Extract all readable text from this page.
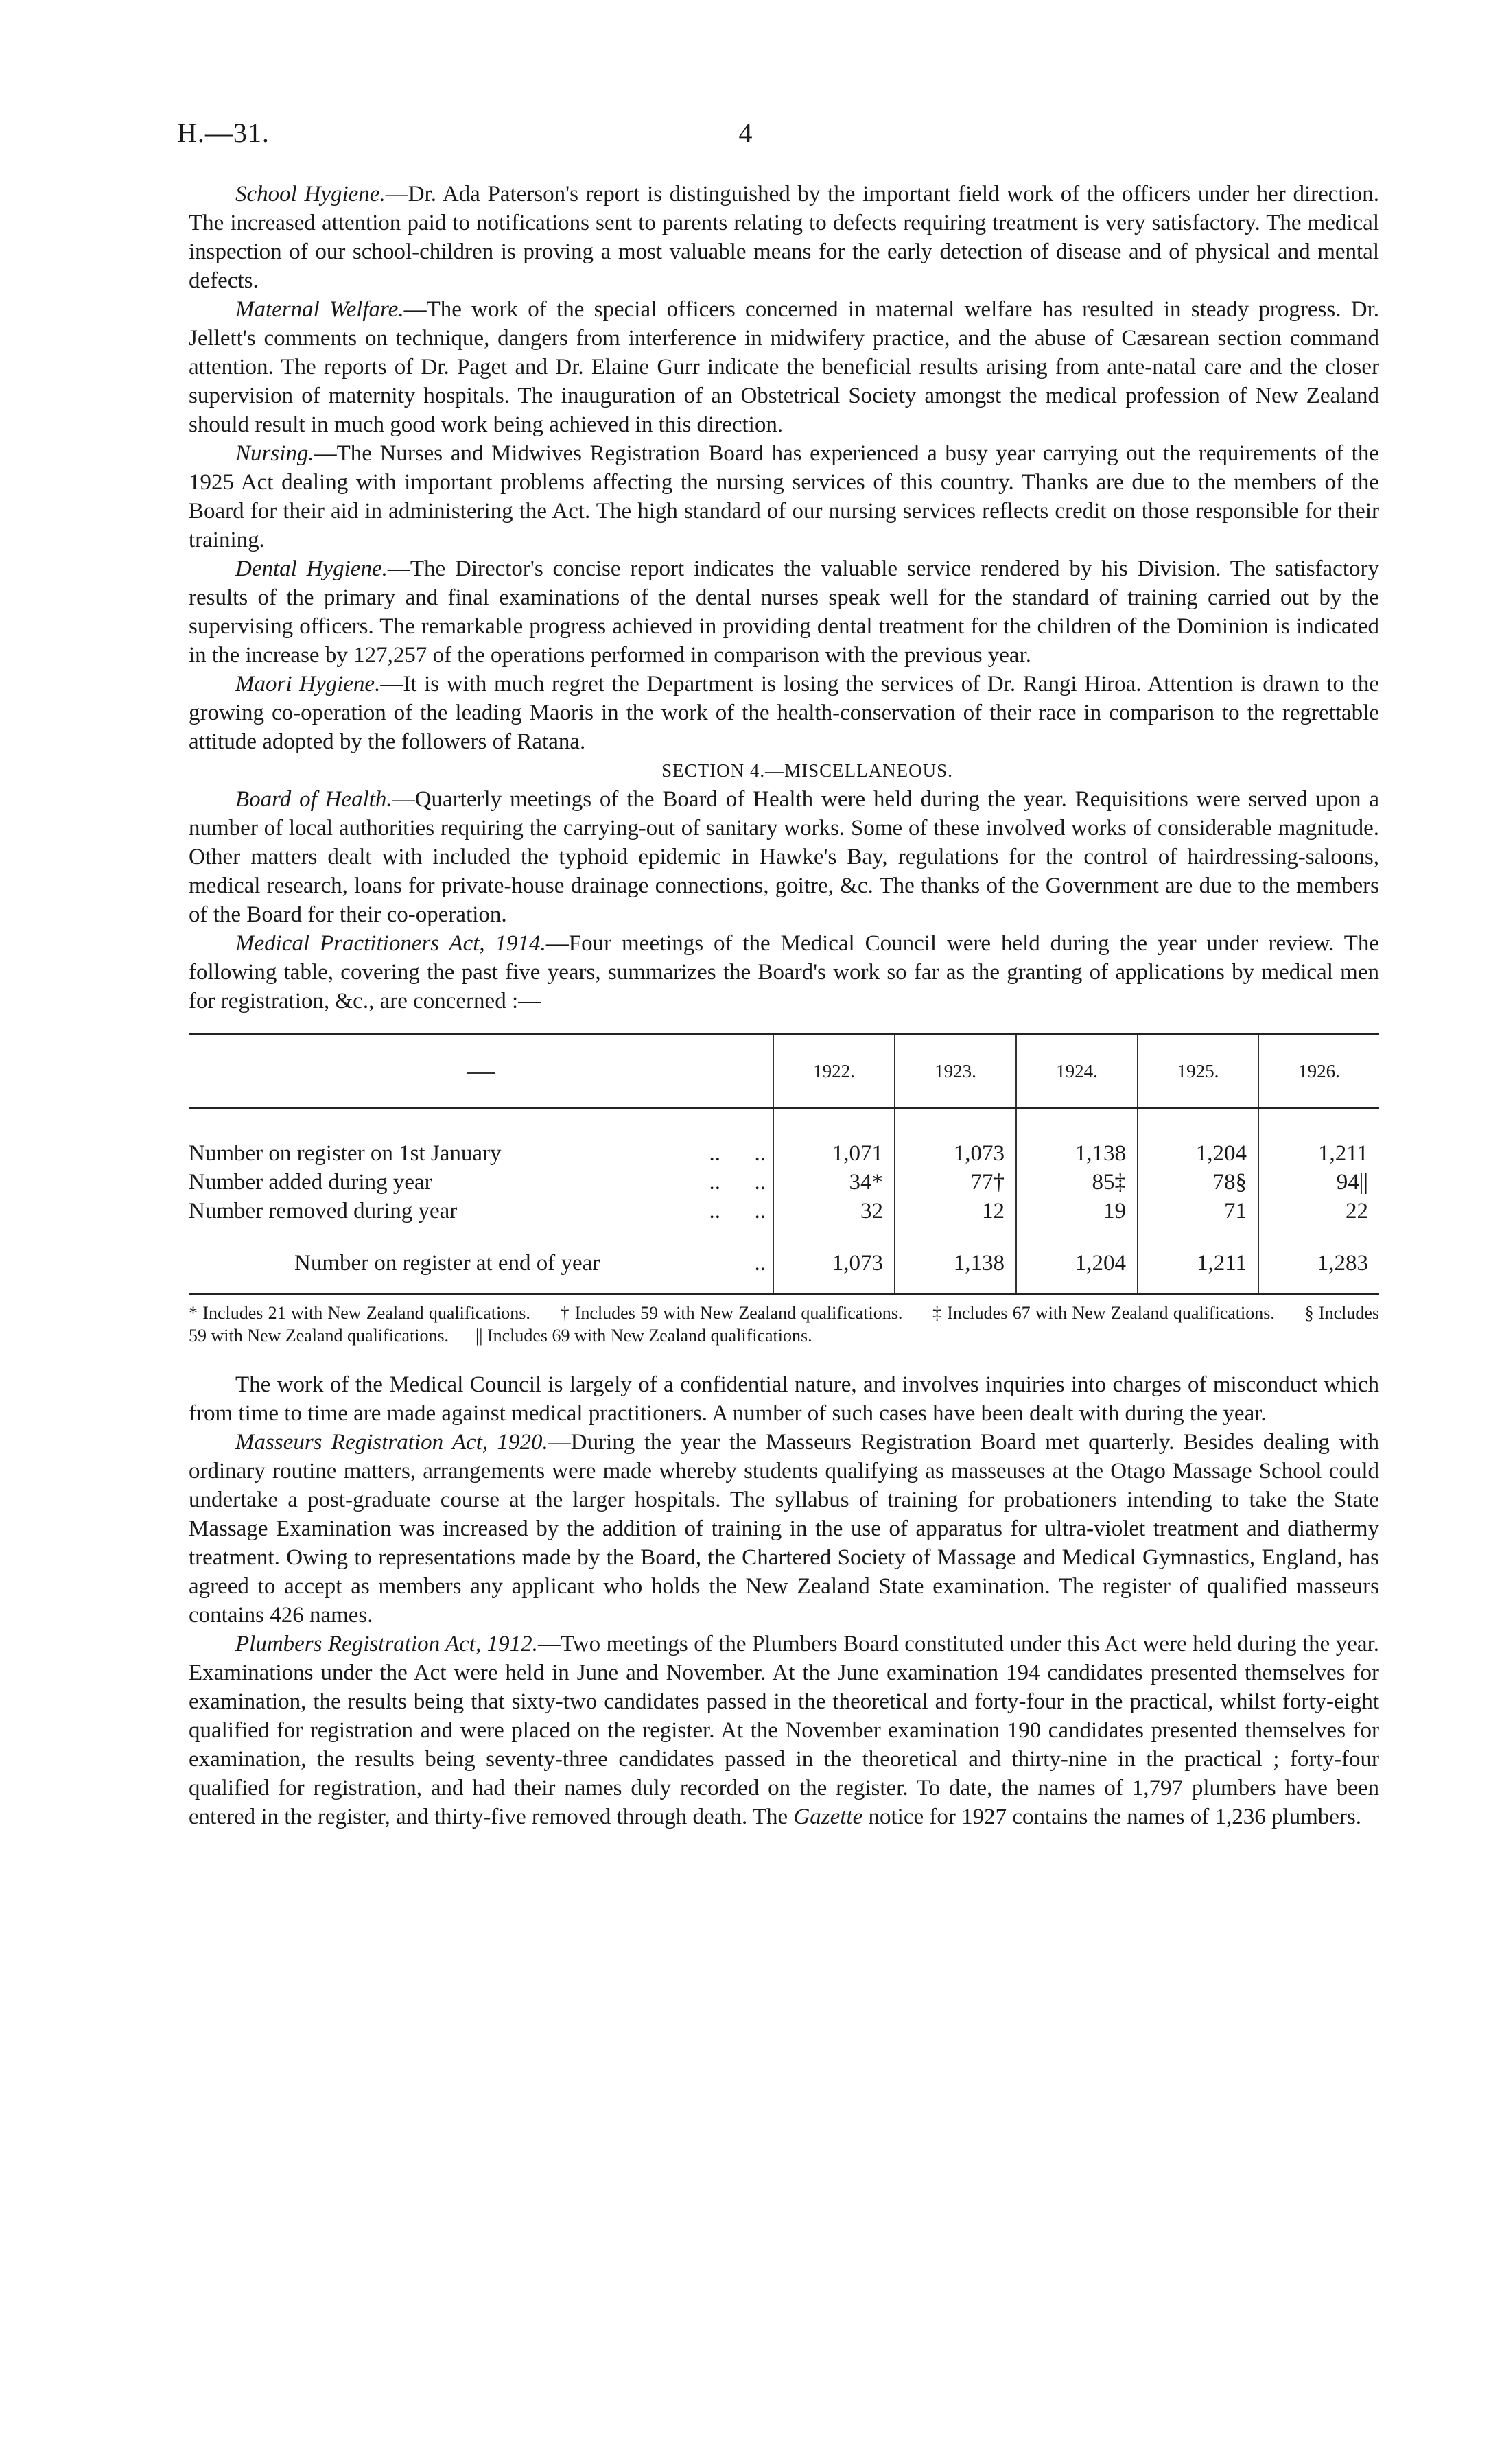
H.—31.	4

School Hygiene.—Dr. Ada Paterson's report is distinguished by the important field work of the officers under her direction. The increased attention paid to notifications sent to parents relating to defects requiring treatment is very satisfactory. The medical inspection of our school-children is proving a most valuable means for the early detection of disease and of physical and mental defects.

Maternal Welfare.—The work of the special officers concerned in maternal welfare has resulted in steady progress. Dr. Jellett's comments on technique, dangers from interference in midwifery practice, and the abuse of Cæsarean section command attention. The reports of Dr. Paget and Dr. Elaine Gurr indicate the beneficial results arising from ante-natal care and the closer supervision of maternity hospitals. The inauguration of an Obstetrical Society amongst the medical profession of New Zealand should result in much good work being achieved in this direction.

Nursing.—The Nurses and Midwives Registration Board has experienced a busy year carrying out the requirements of the 1925 Act dealing with important problems affecting the nursing services of this country. Thanks are due to the members of the Board for their aid in administering the Act. The high standard of our nursing services reflects credit on those responsible for their training.

Dental Hygiene.—The Director's concise report indicates the valuable service rendered by his Division. The satisfactory results of the primary and final examinations of the dental nurses speak well for the standard of training carried out by the supervising officers. The remarkable progress achieved in providing dental treatment for the children of the Dominion is indicated in the increase by 127,257 of the operations performed in comparison with the previous year.

Maori Hygiene.—It is with much regret the Department is losing the services of Dr. Rangi Hiroa. Attention is drawn to the growing co-operation of the leading Maoris in the work of the health-conservation of their race in comparison to the regrettable attitude adopted by the followers of Ratana.

SECTION 4.—MISCELLANEOUS.

Board of Health.—Quarterly meetings of the Board of Health were held during the year. Requisitions were served upon a number of local authorities requiring the carrying-out of sanitary works. Some of these involved works of considerable magnitude. Other matters dealt with included the typhoid epidemic in Hawke's Bay, regulations for the control of hairdressing-saloons, medical research, loans for private-house drainage connections, goitre, &c. The thanks of the Government are due to the members of the Board for their co-operation.

Medical Practitioners Act, 1914.—Four meetings of the Medical Council were held during the year under review. The following table, covering the past five years, summarizes the Board's work so far as the granting of applications by medical men for registration, &c., are concerned :—

	1922.	1923.	1924.	1925.	1926.
Number on register on 1st January ..      ..	1,071	1,073	1,138	1,204	1,211
Number added during year ..      ..	34*	77†	85‡	78§	94||
Number removed during year ..      ..	32	12	19	71	22
Number on register at end of year ..	1,073	1,138	1,204	1,211	1,283
* Includes 21 with New Zealand qualifications.      † Includes 59 with New Zealand qualifications.      ‡ Includes 67 with New Zealand qualifications.      § Includes 59 with New Zealand qualifications.      || Includes 69 with New Zealand qualifications.

The work of the Medical Council is largely of a confidential nature, and involves inquiries into charges of misconduct which from time to time are made against medical practitioners. A number of such cases have been dealt with during the year.

Masseurs Registration Act, 1920.—During the year the Masseurs Registration Board met quarterly. Besides dealing with ordinary routine matters, arrangements were made whereby students qualifying as masseuses at the Otago Massage School could undertake a post-graduate course at the larger hospitals. The syllabus of training for probationers intending to take the State Massage Examination was increased by the addition of training in the use of apparatus for ultra-violet treatment and diathermy treatment. Owing to representations made by the Board, the Chartered Society of Massage and Medical Gymnastics, England, has agreed to accept as members any applicant who holds the New Zealand State examination. The register of qualified masseurs contains 426 names.

Plumbers Registration Act, 1912.—Two meetings of the Plumbers Board constituted under this Act were held during the year. Examinations under the Act were held in June and November. At the June examination 194 candidates presented themselves for examination, the results being that sixty-two candidates passed in the theoretical and forty-four in the practical, whilst forty-eight qualified for registration and were placed on the register. At the November examination 190 candidates presented themselves for examination, the results being seventy-three candidates passed in the theoretical and thirty-nine in the practical ; forty-four qualified for registration, and had their names duly recorded on the register. To date, the names of 1,797 plumbers have been entered in the register, and thirty-five removed through death. The Gazette notice for 1927 contains the names of 1,236 plumbers.
